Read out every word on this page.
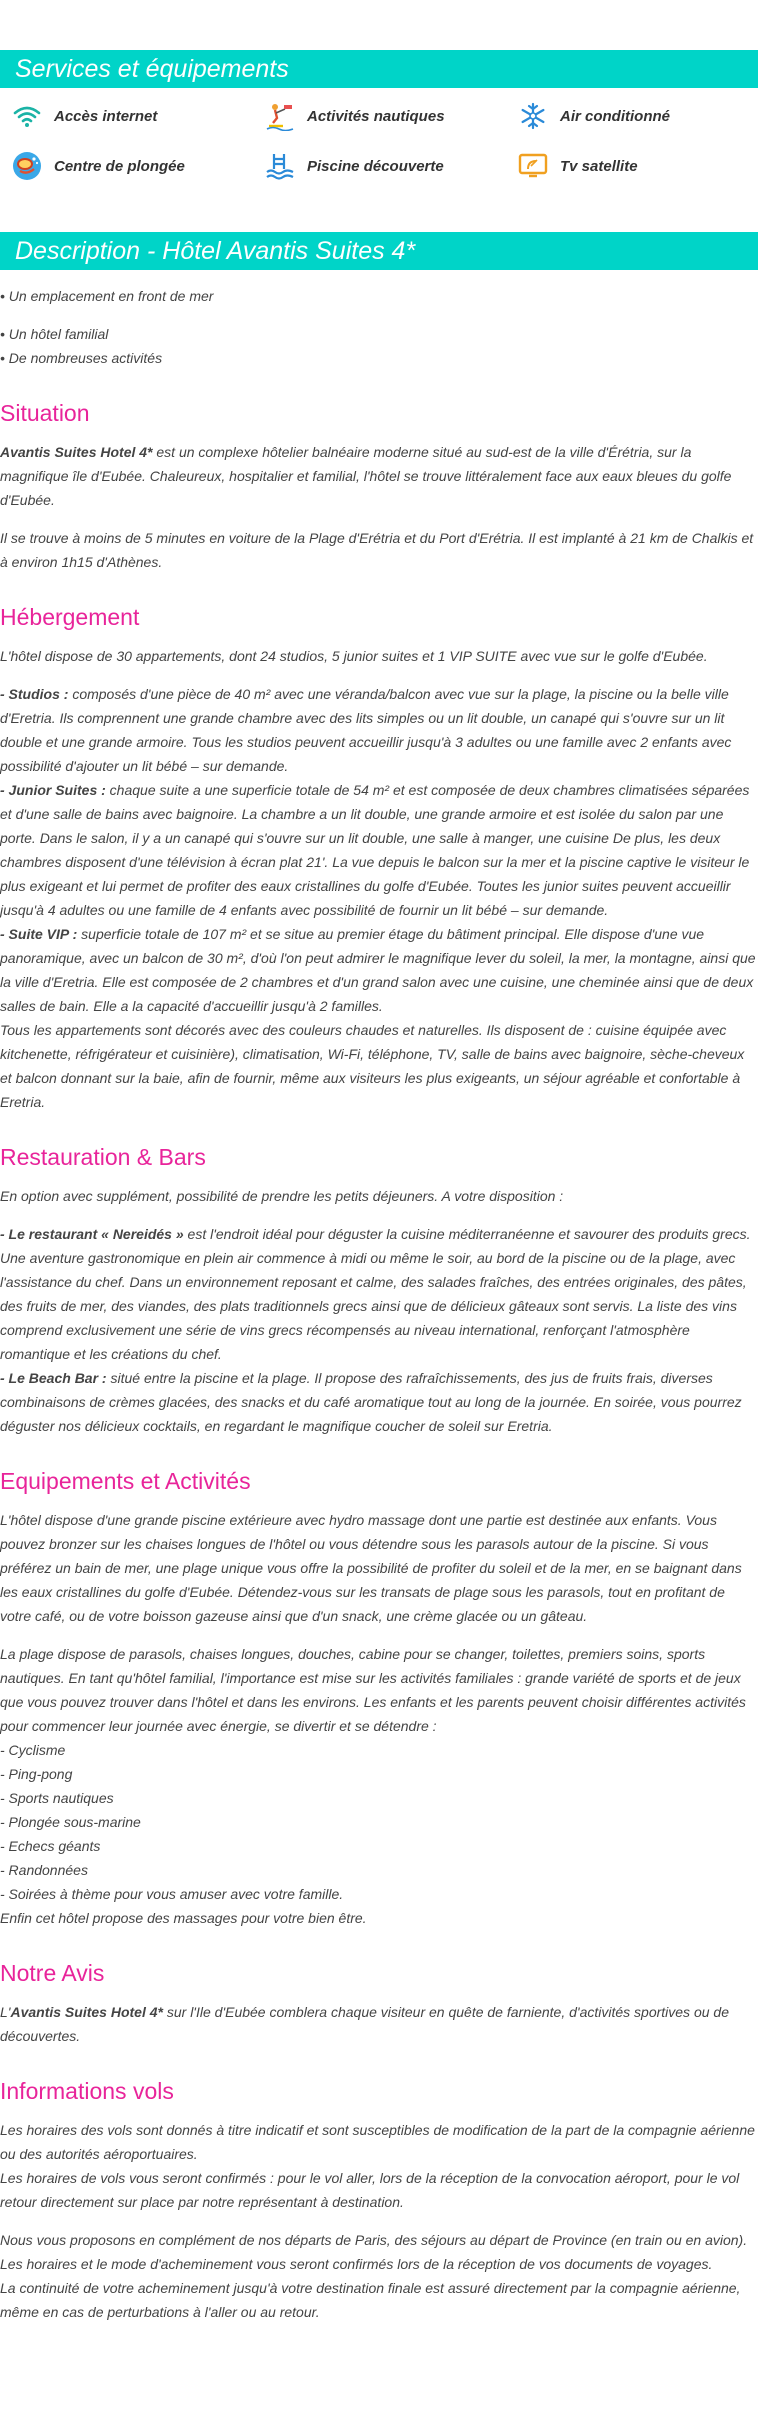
Services et équipements
Accès internet	Activités nautiques	Air conditionné
Centre de plongée	Piscine découverte	Tv satellite
Description - Hôtel Avantis Suites 4*

• Un emplacement en front de mer

• Un hôtel familial

• De nombreuses activités

Situation

Avantis Suites Hotel 4* est un complexe hôtelier balnéaire moderne situé au sud-est de la ville d'Érétria, sur la magnifique île d'Eubée. Chaleureux, hospitalier et familial, l'hôtel se trouve littéralement face aux eaux bleues du golfe d'Eubée.

Il se trouve à moins de 5 minutes en voiture de la Plage d'Erétria et du Port d'Erétria. Il est implanté à 21 km de Chalkis et à environ 1h15 d'Athènes.

Hébergement

L'hôtel dispose de 30 appartements, dont 24 studios, 5 junior suites et 1 VIP SUITE avec vue sur le golfe d'Eubée.

- Studios : composés d'une pièce de 40 m² avec une véranda/balcon avec vue sur la plage, la piscine ou la belle ville d'Eretria. Ils comprennent une grande chambre avec des lits simples ou un lit double, un canapé qui s'ouvre sur un lit double et une grande armoire. Tous les studios peuvent accueillir jusqu'à 3 adultes ou une famille avec 2 enfants avec possibilité d'ajouter un lit bébé – sur demande.

- Junior Suites : chaque suite a une superficie totale de 54 m² et est composée de deux chambres climatisées séparées et d'une salle de bains avec baignoire. La chambre a un lit double, une grande armoire et est isolée du salon par une porte. Dans le salon, il y a un canapé qui s'ouvre sur un lit double, une salle à manger, une cuisine De plus, les deux chambres disposent d'une télévision à écran plat 21'. La vue depuis le balcon sur la mer et la piscine captive le visiteur le plus exigeant et lui permet de profiter des eaux cristallines du golfe d'Eubée. Toutes les junior suites peuvent accueillir jusqu'à 4 adultes ou une famille de 4 enfants avec possibilité de fournir un lit bébé – sur demande.

- Suite VIP : superficie totale de 107 m² et se situe au premier étage du bâtiment principal. Elle dispose d'une vue panoramique, avec un balcon de 30 m², d'où l'on peut admirer le magnifique lever du soleil, la mer, la montagne, ainsi que la ville d'Eretria. Elle est composée de 2 chambres et d'un grand salon avec une cuisine, une cheminée ainsi que de deux salles de bain. Elle a la capacité d'accueillir jusqu'à 2 familles.

Tous les appartements sont décorés avec des couleurs chaudes et naturelles. Ils disposent de : cuisine équipée avec kitchenette, réfrigérateur et cuisinière), climatisation, Wi-Fi, téléphone, TV, salle de bains avec baignoire, sèche-cheveux et balcon donnant sur la baie, afin de fournir, même aux visiteurs les plus exigeants, un séjour agréable et confortable à Eretria.

Restauration & Bars

En option avec supplément, possibilité de prendre les petits déjeuners. A votre disposition :

- Le restaurant « Nereidés » est l'endroit idéal pour déguster la cuisine méditerranéenne et savourer des produits grecs. Une aventure gastronomique en plein air commence à midi ou même le soir, au bord de la piscine ou de la plage, avec l'assistance du chef. Dans un environnement reposant et calme, des salades fraîches, des entrées originales, des pâtes, des fruits de mer, des viandes, des plats traditionnels grecs ainsi que de délicieux gâteaux sont servis. La liste des vins comprend exclusivement une série de vins grecs récompensés au niveau international, renforçant l'atmosphère romantique et les créations du chef.

- Le Beach Bar : situé entre la piscine et la plage. Il propose des rafraîchissements, des jus de fruits frais, diverses combinaisons de crèmes glacées, des snacks et du café aromatique tout au long de la journée. En soirée, vous pourrez déguster nos délicieux cocktails, en regardant le magnifique coucher de soleil sur Eretria.

Equipements et Activités

L'hôtel dispose d'une grande piscine extérieure avec hydro massage dont une partie est destinée aux enfants. Vous pouvez bronzer sur les chaises longues de l'hôtel ou vous détendre sous les parasols autour de la piscine. Si vous préférez un bain de mer, une plage unique vous offre la possibilité de profiter du soleil et de la mer, en se baignant dans les eaux cristallines du golfe d'Eubée. Détendez-vous sur les transats de plage sous les parasols, tout en profitant de votre café, ou de votre boisson gazeuse ainsi que d'un snack, une crème glacée ou un gâteau.

La plage dispose de parasols, chaises longues, douches, cabine pour se changer, toilettes, premiers soins, sports nautiques. En tant qu'hôtel familial, l'importance est mise sur les activités familiales : grande variété de sports et de jeux que vous pouvez trouver dans l'hôtel et dans les environs. Les enfants et les parents peuvent choisir différentes activités pour commencer leur journée avec énergie, se divertir et se détendre :

- Cyclisme

- Ping-pong

- Sports nautiques

- Plongée sous-marine

- Echecs géants

- Randonnées

- Soirées à thème pour vous amuser avec votre famille.

Enfin cet hôtel propose des massages pour votre bien être.

Notre Avis

L'Avantis Suites Hotel 4* sur l'Ile d'Eubée comblera chaque visiteur en quête de farniente, d'activités sportives ou de découvertes.

Informations vols

Les horaires des vols sont donnés à titre indicatif et sont susceptibles de modification de la part de la compagnie aérienne ou des autorités aéroportuaires.

Les horaires de vols vous seront confirmés : pour le vol aller, lors de la réception de la convocation aéroport, pour le vol retour directement sur place par notre représentant à destination.

Nous vous proposons en complément de nos départs de Paris, des séjours au départ de Province (en train ou en avion).

Les horaires et le mode d'acheminement vous seront confirmés lors de la réception de vos documents de voyages.

La continuité de votre acheminement jusqu'à votre destination finale est assuré directement par la compagnie aérienne, même en cas de perturbations à l'aller ou au retour.
